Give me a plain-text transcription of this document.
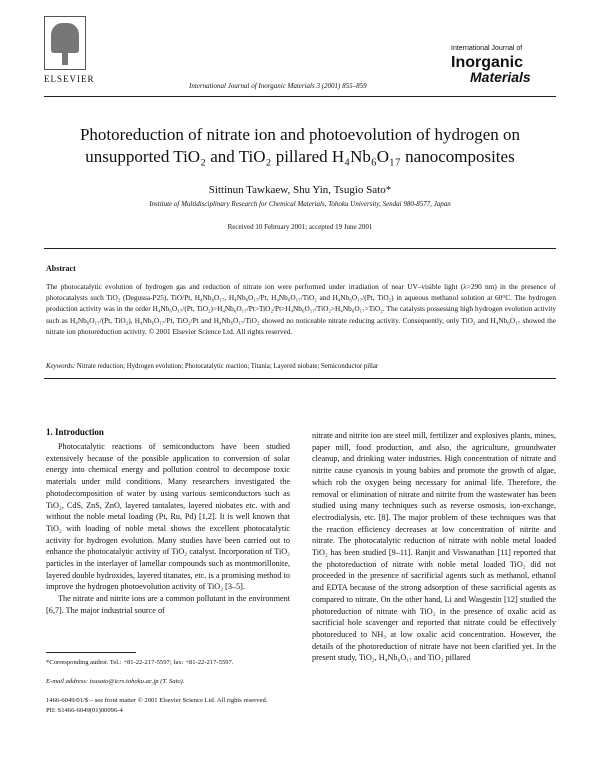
ELSEVIER
International Journal of Inorganic Materials 3 (2001) 855–859
International Journal of
Inorganic
Materials
Photoreduction of nitrate ion and photoevolution of hydrogen on
unsupported TiO₂ and TiO₂ pillared H₄Nb₆O₁₇ nanocomposites
Sittinun Tawkaew, Shu Yin, Tsugio Sato*
Institute of Multidisciplinary Research for Chemical Materials, Tohoku University, Sendai 980-8577, Japan
Received 10 February 2001; accepted 19 June 2001
Abstract
The photocatalytic evolution of hydrogen gas and reduction of nitrate ion were performed under irradiation of near UV–visible light (λ>290 nm) in the presence of photocatalysts such TiO₂ (Degussa-P25), TiO/Pt, H₄Nb₆O₁₇, H₄Nb₆O₁₇/Pt, H₄Nb₆O₁₇/TiO₂ and H₄Nb₆O₁₇/(Pt, TiO₂) in aqueous methanol solution at 60°C. The hydrogen production activity was in the order H₄Nb₆O₁₇/(Pt, TiO₂)>H₄Nb₆O₁₇/Pt>TiO₂/Pt>H₄Nb₆O₁₇/TiO₂>H₄Nb₆O₁₇>TiO₂. The catalysts possessing high hydrogen evolution activity such as H₄Nb₆O₁₇/(Pt, TiO₂), H₄Nb₆O₁₇/Pt, TiO₂/Pt and H₄Nb₆O₁₇/TiO₂ showed no noticeable nitrate reducing activity. Consequently, only TiO₂ and H₄Nb₆O₁₇ showed the nitrate ion photoreduction activity. © 2001 Elsevier Science Ltd. All rights reserved.
Keywords: Nitrate reduction; Hydrogen evolution; Photocatalytic reaction; Titania; Layered niobate; Semiconductor pillar
1. Introduction

Photocatalytic reactions of semiconductors have been studied extensively because of the possible application to conversion of solar energy into chemical energy and pollution control to decompose toxic materials under mild conditions. Many researchers investigated the photodecomposition of water by using various semiconductors such as TiO₂, CdS, ZnS, ZnO, layered tantalates, layered niobates etc. with and without the noble metal loading (Pt, Ru, Pd) [1,2]. It is well known that TiO₂ with loading of noble metal shows the excellent photocatalytic activity for hydrogen evolution. Many studies have been carried out to enhance the photocatalytic activity of TiO₂ catalyst. Incorporation of TiO₂ particles in the interlayer of lamellar compounds such as montmorillonite, layered double hydroxides, layered titanates, etc. is a promising method to improve the hydrogen photoevolution activity of TiO₂ [3–5].

The nitrate and nitrite ions are a common pollutant in the environment [6,7]. The major industrial source of

nitrate and nitrite ion are steel mill, fertilizer and explosives plants, mines, paper mill, food production, and also, the agriculture, groundwater cleanup, and drinking water industries. High concentration of nitrate and nitrite cause cyanosis in young babies and promote the growth of algae, which rob the oxygen being necessary for animal life. Therefore, the removal or elimination of nitrate and nitrite from the wastewater has been studied using many techniques such as reverse osmosis, ion-exchange, electrodialysis, etc. [8]. The major problem of these techniques was that the reaction efficiency decreases at low concentration of nitrite and nitrate. The photocatalytic reduction of nitrate with noble metal loaded TiO₂ has been studied [9–11]. Ranjit and Viswanathan [11] reported that the photoreduction of nitrate with noble metal loaded TiO₂ did not proceeded in the presence of sacrificial agents such as methanol, ethanol and EDTA because of the strong adsorption of these sacrificial agents as compared to nitrate. On the other hand, Li and Wasgestin [12] studied the photoreduction of nitrate with TiO₂ in the presence of oxalic acid as sacrificial hole scavenger and reported that nitrate could be effectively photoreduced to NH₃ at low oxalic acid concentration. However, the details of the photoreduction of nitrate have not been clarified yet. In the present study, TiO₂, H₄Nb₆O₁₇ and TiO₂ pillared

*Corresponding author. Tel.: +81-22-217-5597; fax: +81-22-217-5597.
E-mail address: tsusato@icrs.tohoku.ac.jp (T. Sato).
1466-6049/01/$ – see front matter © 2001 Elsevier Science Ltd. All rights reserved.
PII: S1466-6049(01)00096-4
